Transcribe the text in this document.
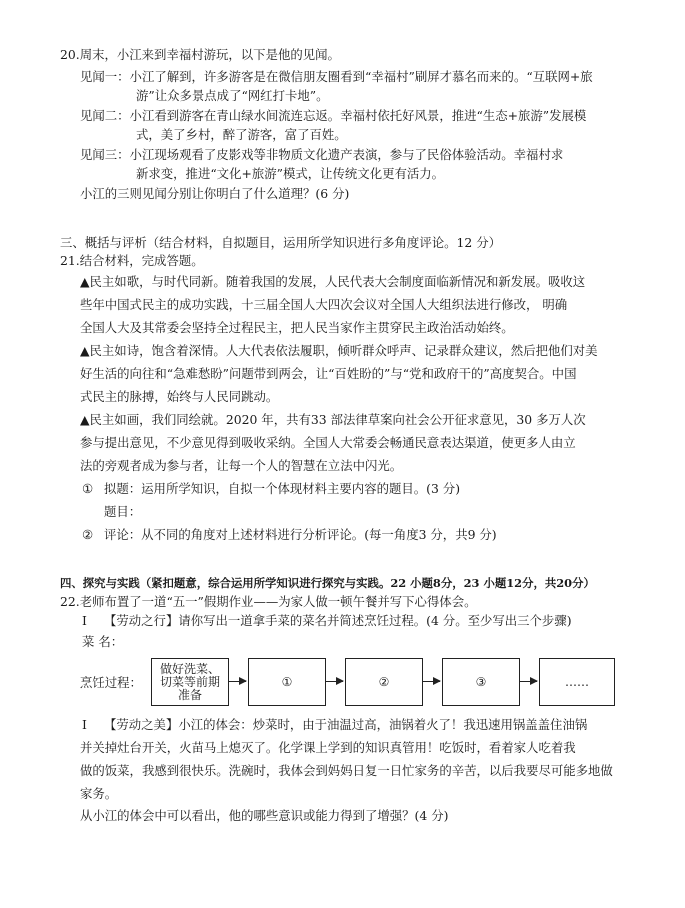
20.周末，小江来到幸福村游玩，以下是他的见闻。
见闻一：小江了解到，许多游客是在微信朋友圈看到“幸福村”刷屏才慕名而来的。“互联网+旅
游”让众多景点成了“网红打卡地”。
见闻二：小江看到游客在青山绿水间流连忘返。幸福村依托好风景，推进“生态+旅游”发展模
式，美了乡村，醉了游客，富了百姓。
见闻三：小江现场观看了皮影戏等非物质文化遗产表演，参与了民俗体验活动。幸福村求
新求变，推进“文化+旅游”模式，让传统文化更有活力。
小江的三则见闻分别让你明白了什么道理？(6 分)
三、概括与评析（结合材料，自拟题目，运用所学知识进行多角度评论。12 分）
21.结合材料，完成答题。
▲民主如歌，与时代同新。随着我国的发展，人民代表大会制度面临新情况和新发展。吸收这
些年中国式民主的成功实践，十三届全国人大四次会议对全国人大组织法进行修改， 明确
全国人大及其常委会坚持全过程民主，把人民当家作主贯穿民主政治活动始终。
▲民主如诗，饱含着深情。人大代表依法履职，倾听群众呼声、记录群众建议，然后把他们对美
好生活的向往和“急难愁盼”问题带到两会，让“百姓盼的”与“党和政府干的”高度契合。中国
式民主的脉搏，始终与人民同跳动。
▲民主如画，我们同绘就。2020 年，共有33 部法律草案向社会公开征求意见，30 多万人次
参与提出意见，不少意见得到吸收采纳。全国人大常委会畅通民意表达渠道，使更多人由立
法的旁观者成为参与者，让每一个人的智慧在立法中闪光。
① 拟题：运用所学知识，自拟一个体现材料主要内容的题目。(3 分)
题目：
② 评论：从不同的角度对上述材料进行分析评论。(每一角度3 分，共9 分)
四、探究与实践（紧扣题意，综合运用所学知识进行探究与实践。22 小题8分，23 小题12分，共20分）
22.老师布置了一道“五一”假期作业——为家人做一顿午餐并写下心得体会。
Ⅰ 【劳动之行】请你写出一道拿手菜的菜名并简述烹饪过程。(4 分。至少写出三个步骤)
菜 名：
烹饪过程：
做好洗菜、
切菜等前期
准备
①	②	③	……
Ⅰ 【劳动之美】小江的体会：炒菜时，由于油温过高，油锅着火了！我迅速用锅盖盖住油锅
并关掉灶台开关，火苗马上熄灭了。化学课上学到的知识真管用！吃饭时，看着家人吃着我
做的饭菜，我感到很快乐。洗碗时，我体会到妈妈日复一日忙家务的辛苦，以后我要尽可能多地做
家务。
从小江的体会中可以看出，他的哪些意识或能力得到了增强？(4 分)
